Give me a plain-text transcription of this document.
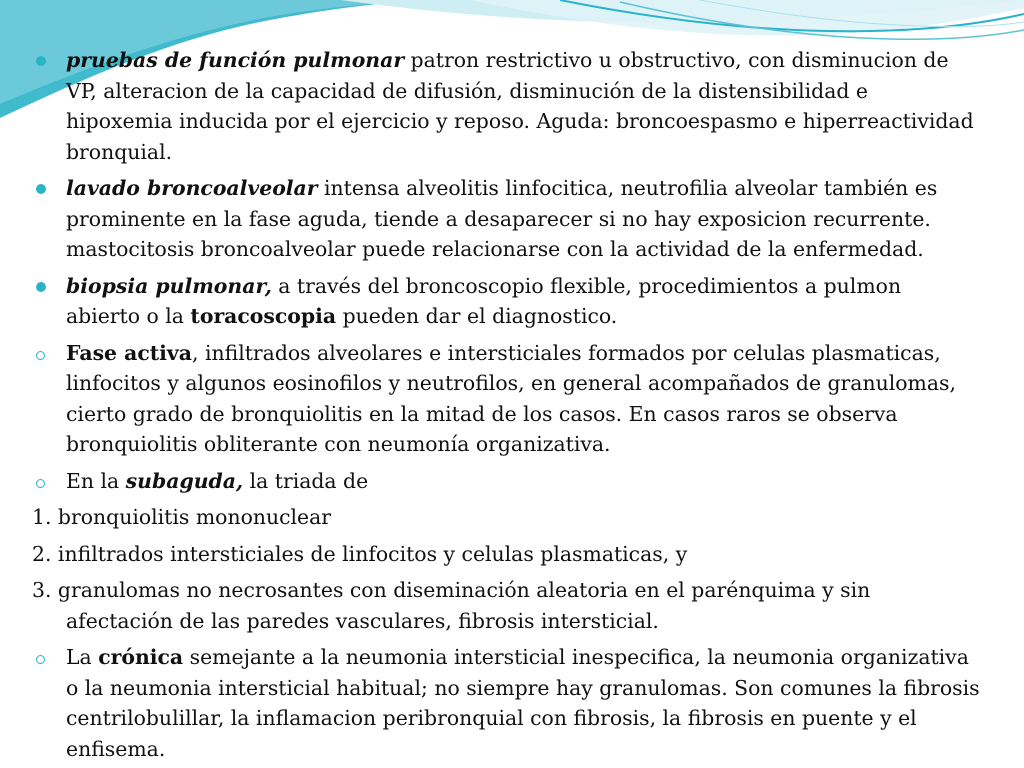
pruebas de función pulmonar patron restrictivo u obstructivo, con disminucion de VP, alteracion de la capacidad de difusión, disminución de la distensibilidad e hipoxemia inducida por el ejercicio y reposo. Aguda: broncoespasmo e hiperreactividad bronquial.

lavado broncoalveolar intensa alveolitis linfocitica, neutrofilia alveolar también es prominente en la fase aguda, tiende a desaparecer si no hay exposicion recurrente. mastocitosis broncoalveolar puede relacionarse con la actividad de la enfermedad.

biopsia pulmonar, a través del broncoscopio flexible, procedimientos a pulmon abierto o la toracoscopia pueden dar el diagnostico.

Fase activa, infiltrados alveolares e intersticiales formados por celulas plasmaticas, linfocitos y algunos eosinofilos y neutrofilos, en general acompañados de granulomas, cierto grado de bronquiolitis en la mitad de los casos. En casos raros se observa bronquiolitis obliterante con neumonía organizativa.

En la subaguda, la triada de

1. bronquiolitis mononuclear

2. infiltrados intersticiales de linfocitos y celulas plasmaticas, y

3. granulomas no necrosantes con diseminación aleatoria en el parénquima y sin afectación de las paredes vasculares, fibrosis intersticial.

La crónica semejante a la neumonia intersticial inespecifica, la neumonia organizativa o la neumonia intersticial habitual; no siempre hay granulomas. Son comunes la fibrosis centrilobulillar, la inflamacion peribronquial con fibrosis, la fibrosis en puente y el enfisema.
